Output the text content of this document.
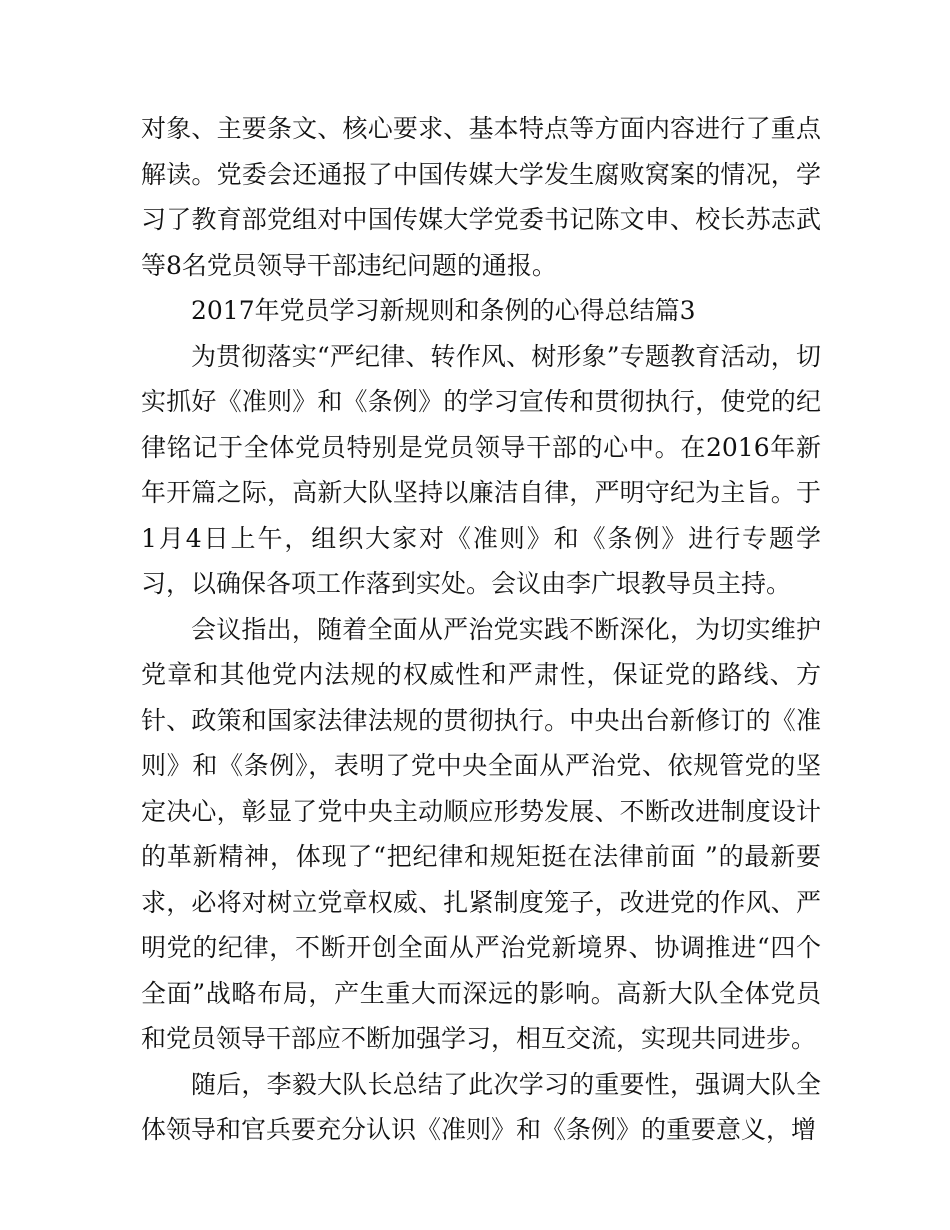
对象、主要条文、核心要求、基本特点等方面内容进行了重点解读。党委会还通报了中国传媒大学发生腐败窝案的情况，学习了教育部党组对中国传媒大学党委书记陈文申、校长苏志武等8名党员领导干部违纪问题的通报。

2017年党员学习新规则和条例的心得总结篇3

为贯彻落实“严纪律、转作风、树形象”专题教育活动，切实抓好《准则》和《条例》的学习宣传和贯彻执行，使党的纪律铭记于全体党员特别是党员领导干部的心中。在2016年新年开篇之际，高新大队坚持以廉洁自律，严明守纪为主旨。于1月4日上午，组织大家对《准则》和《条例》进行专题学习，以确保各项工作落到实处。会议由李广垠教导员主持。

会议指出，随着全面从严治党实践不断深化，为切实维护党章和其他党内法规的权威性和严肃性，保证党的路线、方针、政策和国家法律法规的贯彻执行。中央出台新修订的《准则》和《条例》，表明了党中央全面从严治党、依规管党的坚定决心，彰显了党中央主动顺应形势发展、不断改进制度设计的革新精神，体现了“把纪律和规矩挺在法律前面 ”的最新要求，必将对树立党章权威、扎紧制度笼子，改进党的作风、严明党的纪律，不断开创全面从严治党新境界、协调推进“四个全面”战略布局，产生重大而深远的影响。高新大队全体党员和党员领导干部应不断加强学习，相互交流，实现共同进步。

随后，李毅大队长总结了此次学习的重要性，强调大队全体领导和官兵要充分认识《准则》和《条例》的重要意义，增
